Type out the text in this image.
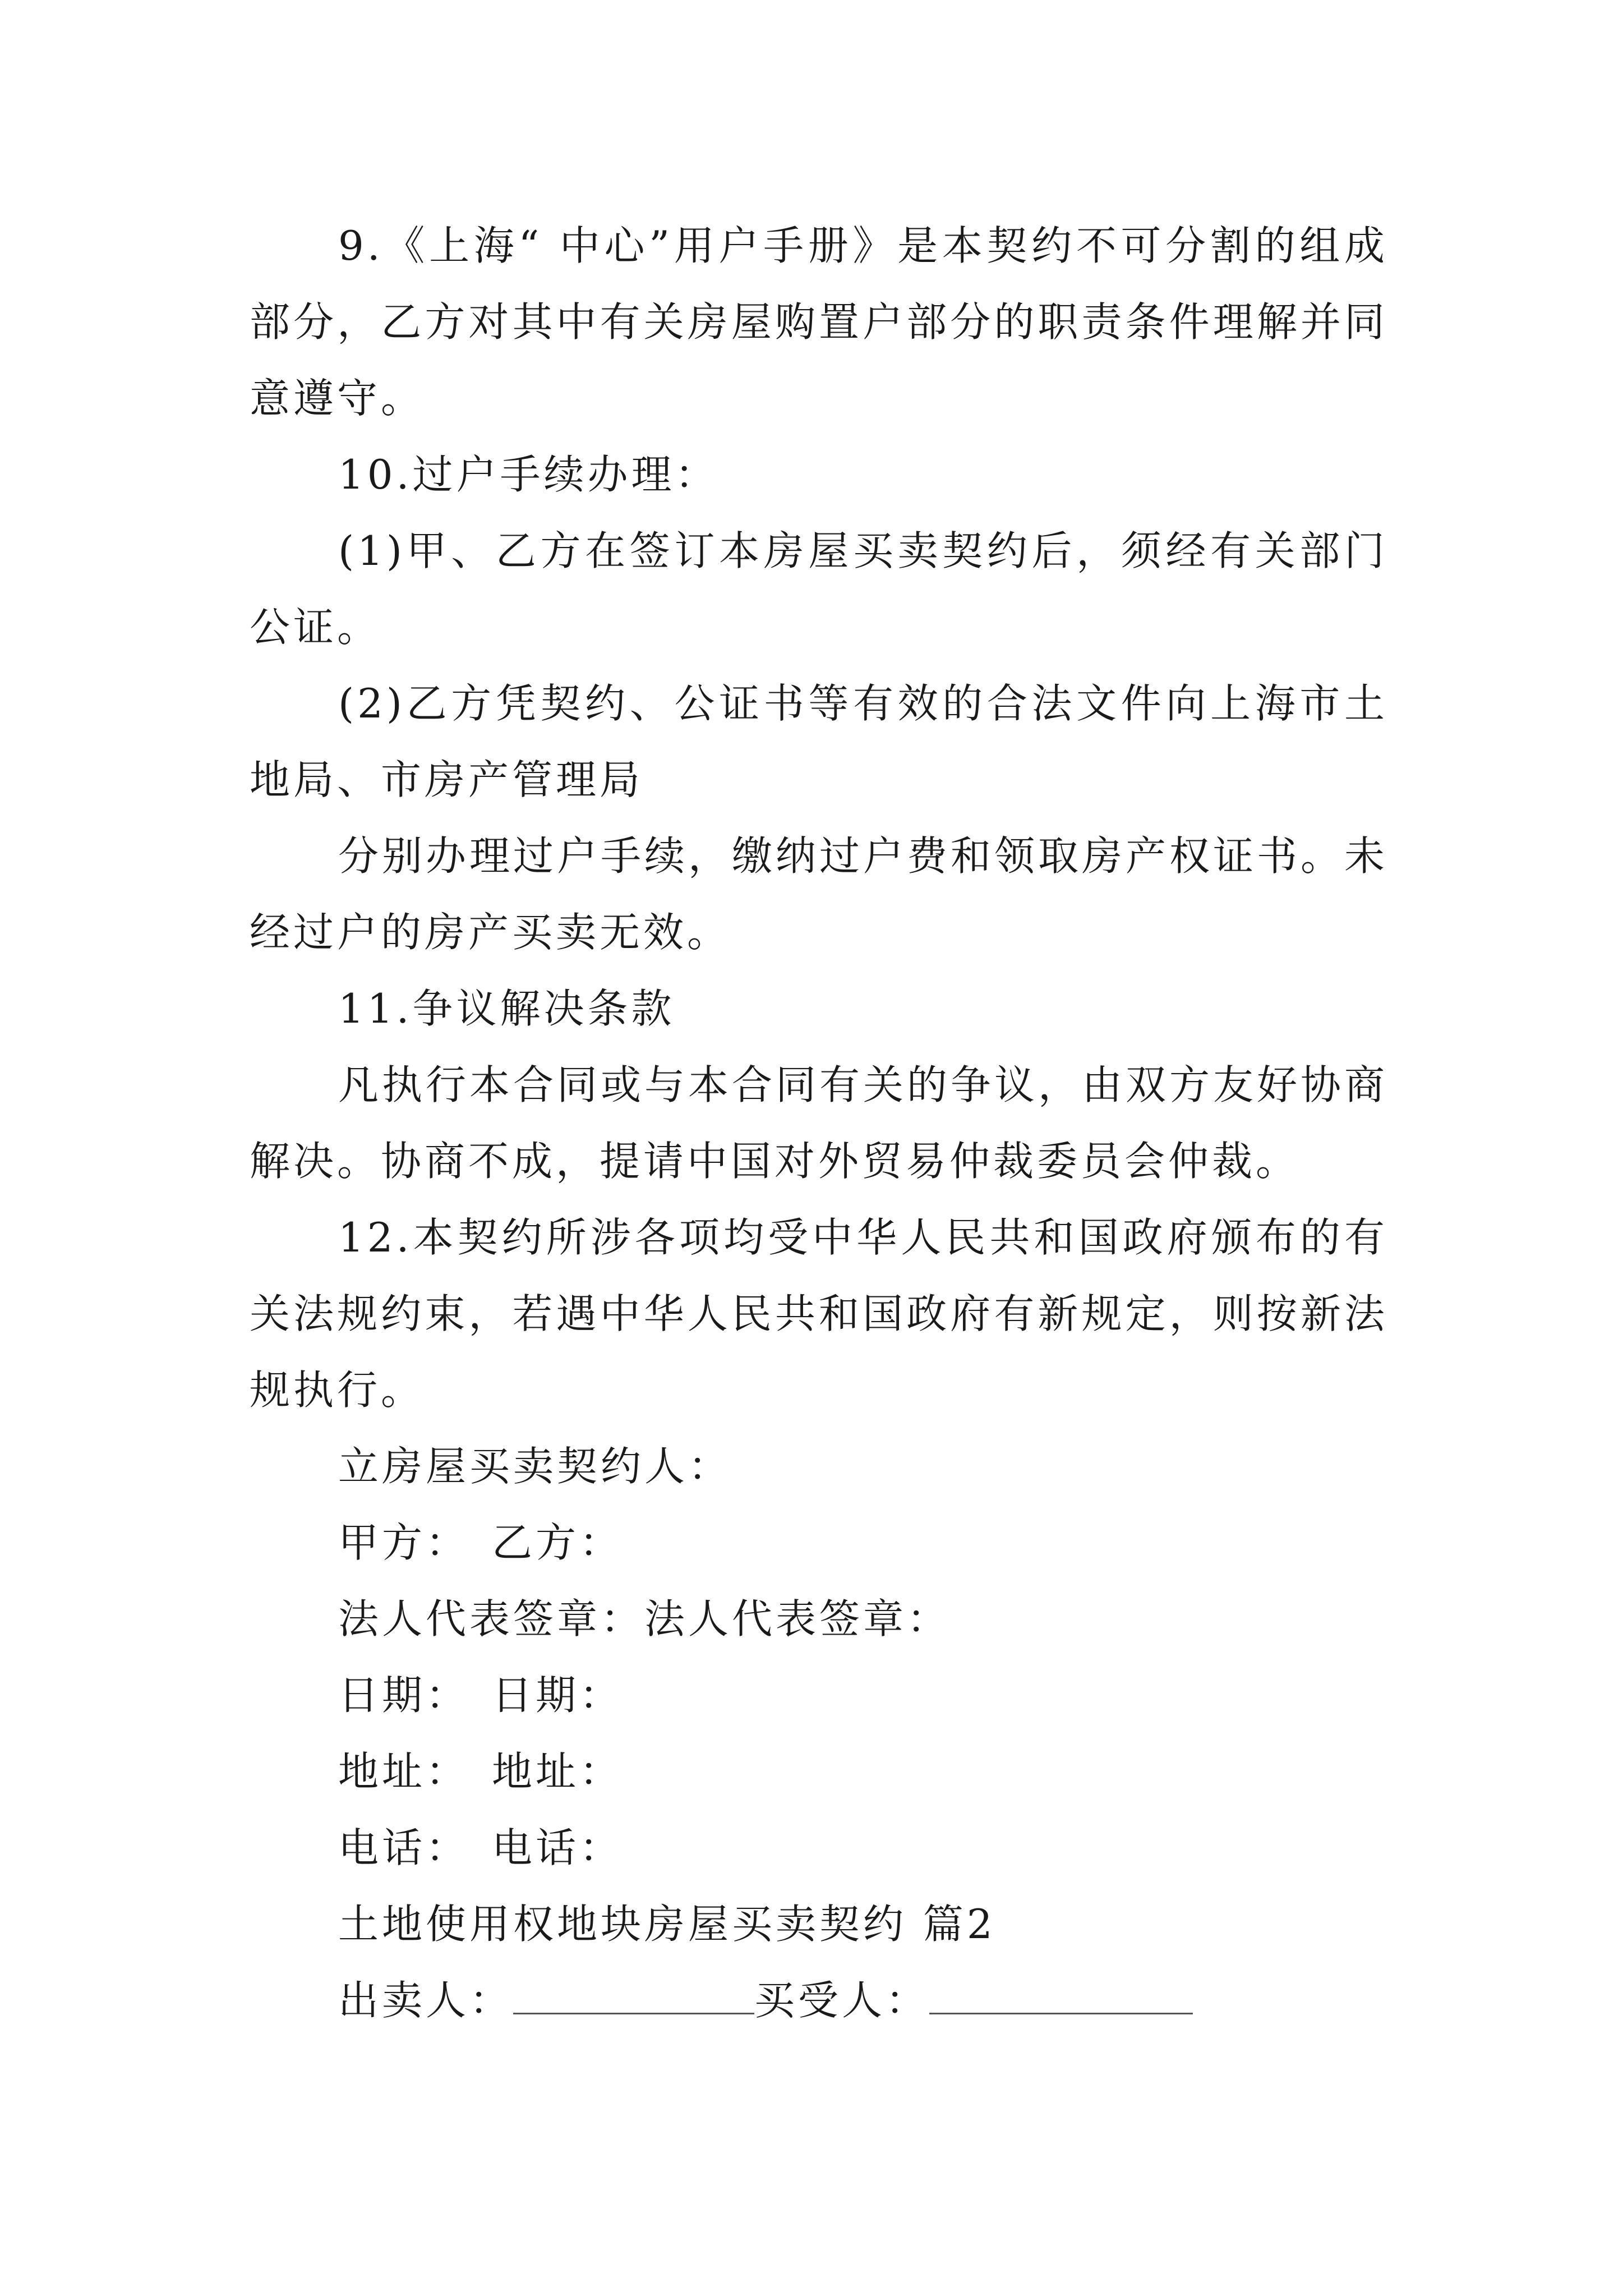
9.《上海“ 中心”用户手册》是本契约不可分割的组成部分，乙方对其中有关房屋购置户部分的职责条件理解并同意遵守。

10.过户手续办理：

(1)甲、乙方在签订本房屋买卖契约后，须经有关部门公证。

(2)乙方凭契约、公证书等有效的合法文件向上海市土地局、市房产管理局

分别办理过户手续，缴纳过户费和领取房产权证书。未经过户的房产买卖无效。

11.争议解决条款

凡执行本合同或与本合同有关的争议，由双方友好协商解决。协商不成，提请中国对外贸易仲裁委员会仲裁。

12.本契约所涉各项均受中华人民共和国政府颁布的有关法规约束，若遇中华人民共和国政府有新规定，则按新法规执行。

立房屋买卖契约人：

甲方： 乙方：

法人代表签章：法人代表签章：

日期： 日期：

地址： 地址：

电话： 电话：

土地使用权地块房屋买卖契约 篇2

出卖人：	买受人：
